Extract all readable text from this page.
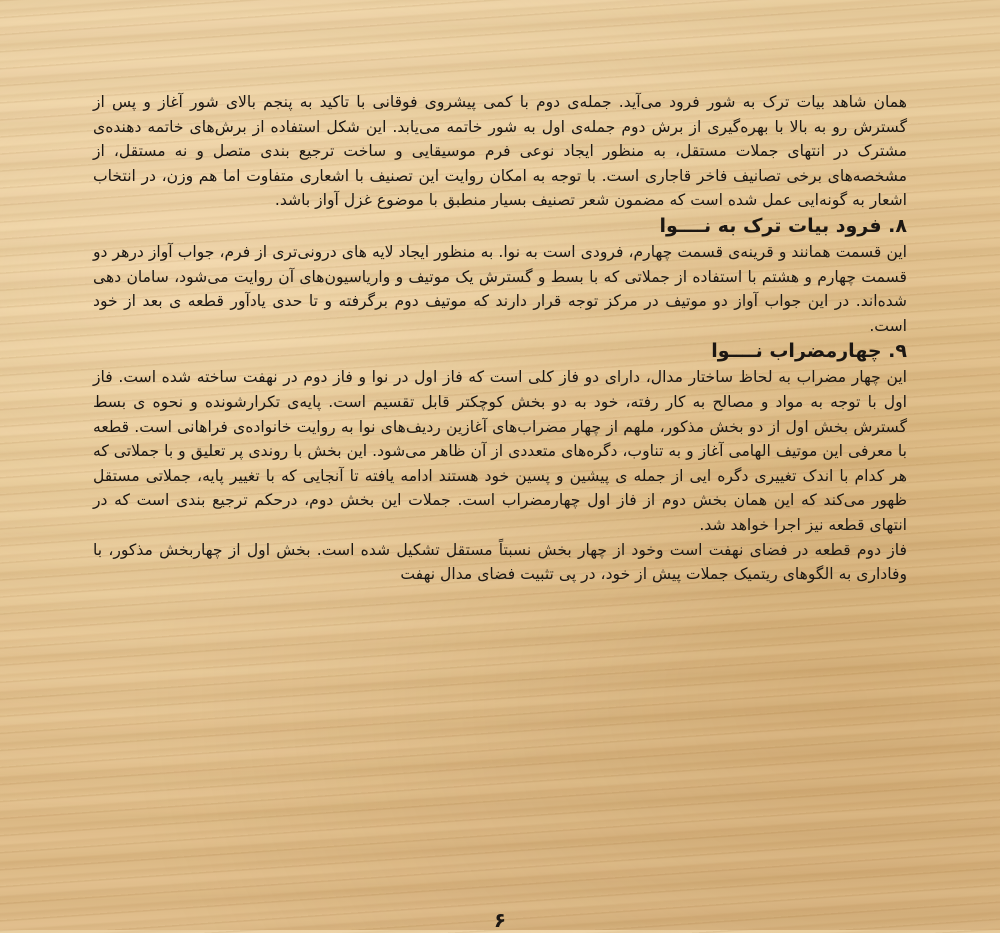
همان شاهد بیات ترک به شور فرود می‌آید. جمله‌ی دوم با کمی پیشروی فوقانی با تاکید به پنجم بالای شور آغاز و پس از گسترش رو به بالا با بهره‌گیری از برش دوم جمله‌ی اول به شور خاتمه می‌یابد. این شکل استفاده از برش‌های خاتمه دهنده‌ی مشترک در انتهای جملات مستقل، به منظور ایجاد نوعی فرم موسیقایی و ساخت ترجیع بندی متصل و نه مستقل، از مشخصه‌های برخی تصانیف فاخر قاجاری است. با توجه به امکان روایت این تصنیف با اشعاری متفاوت اما هم وزن، در انتخاب اشعار به گونه‌ایی عمل شده است که مضمون شعر تصنیف بسیار منطبق با موضوع غزل آواز باشد.

۸. فرود بیات ترک به نــــوا

این قسمت همانند و قرینه‌ی قسمت چهارم، فرودی است به نوا. به منظور ایجاد لایه های درونی‌تری از فرم، جواب آواز درهر دو قسمت چهارم و هشتم با استفاده از جملاتی که با بسط و گسترش یک موتیف و واریاسیون‌های آن روایت می‌شود، سامان دهی شده‌اند. در این جواب آواز دو موتیف در مرکز توجه قرار دارند که موتیف دوم برگرفته و تا حدی یادآور قطعه ی بعد از خود است.

۹. چهارمضراب نــــوا

این چهار مضراب به لحاظ ساختار مدال، دارای دو فاز کلی است که فاز اول در نوا و فاز دوم در نهفت ساخته شده است. فاز اول با توجه به مواد و مصالح به کار رفته، خود به دو بخش کوچکتر قابل تقسیم است. پایه‌ی تکرارشونده و نحوه ی بسط گسترش بخش اول از دو بخش مذکور، ملهم از چهار مضراب‌های آغازین ردیف‌های نوا به روایت خانواده‌ی فراهانی است. قطعه با معرفی این موتیف الهامی آغاز و به تناوب، دگره‌های متعددی از آن ظاهر می‌شود. این بخش با روندی پر تعلیق و با جملاتی که هر کدام با اندک تغییری دگره ایی از جمله ی پیشین و پسین خود هستند ادامه یافته تا آنجایی که با تغییر پایه، جملاتی مستقل ظهور می‌کند که این همان بخش دوم از فاز اول چهارمضراب است. جملات این بخش دوم، درحکم ترجیع بندی است که در انتهای قطعه نیز اجرا خواهد شد.

فاز دوم قطعه در فضای نهفت است وخود از چهار بخش نسبتاً مستقل تشکیل شده است. بخش اول از چهاربخش مذکور، با وفاداری به الگوهای ریتمیک جملات پیش از خود، در پی تثبیت فضای مدال نهفت

۶
